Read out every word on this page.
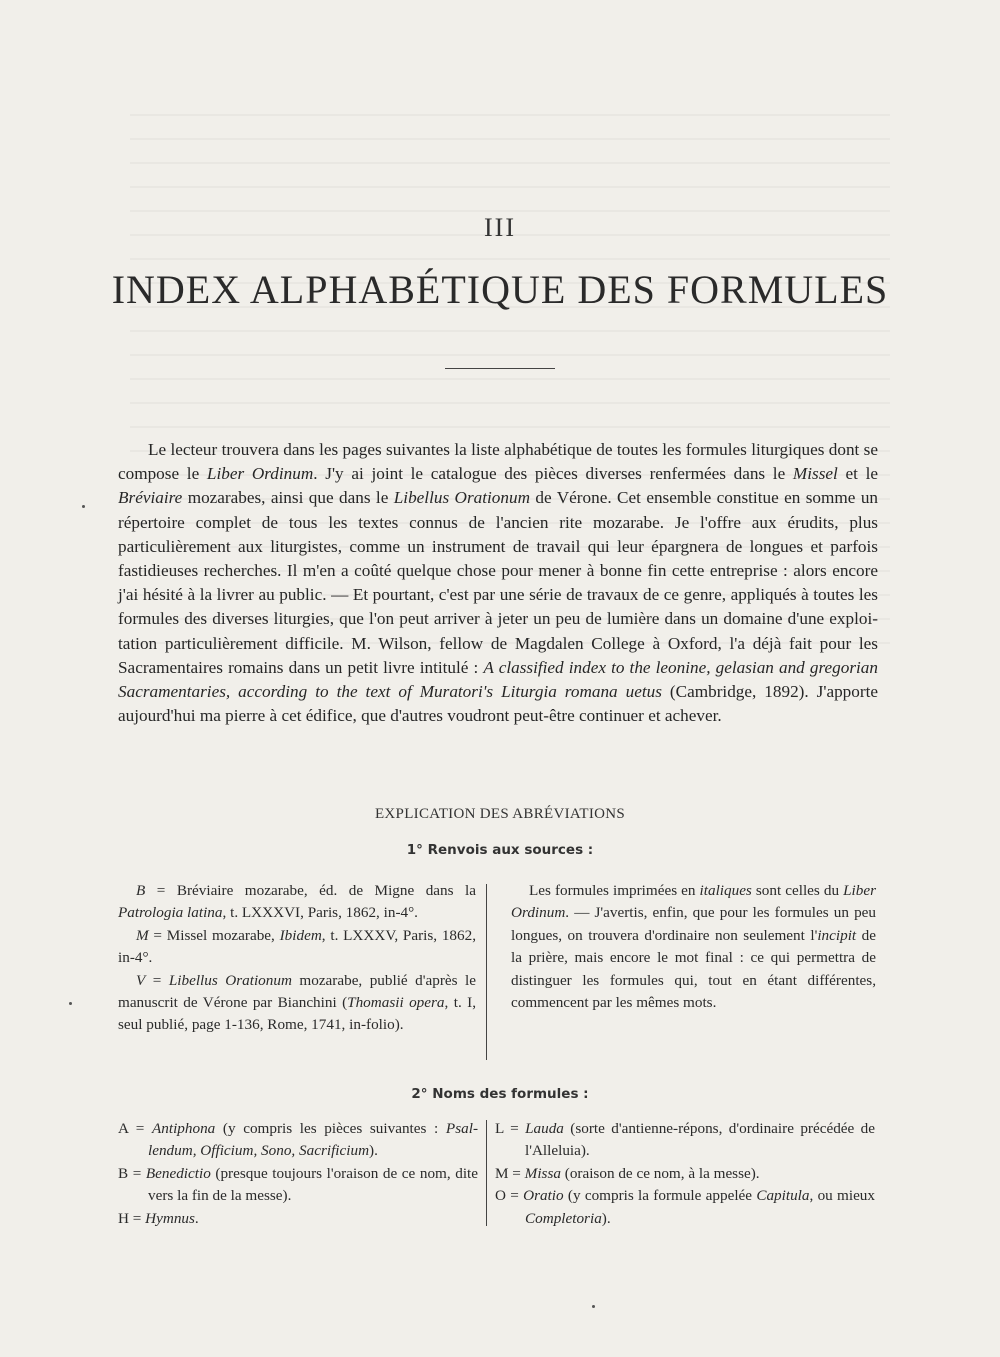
III
INDEX ALPHABÉTIQUE DES FORMULES

Le lecteur trouvera dans les pages suivantes la liste alphabétique de toutes les formules liturgiques dont se compose le Liber Ordinum. J'y ai joint le catalogue des pièces diverses renfermées dans le Missel et le Bréviaire mozarabes, ainsi que dans le Libellus Orationum de Vérone. Cet ensemble constitue en somme un répertoire complet de tous les textes connus de l'ancien rite mozarabe. Je l'offre aux érudits, plus particulièrement aux liturgistes, comme un instrument de travail qui leur épargnera de longues et parfois fastidieuses recherches. Il m'en a coûté quelque chose pour mener à bonne fin cette entreprise : alors encore j'ai hésité à la livrer au public. — Et pourtant, c'est par une série de travaux de ce genre, appliqués à toutes les formules des diverses liturgies, que l'on peut arriver à jeter un peu de lumière dans un domaine d'une exploitation particulièrement difficile. M. Wilson, fellow de Magdalen College à Oxford, l'a déjà fait pour les Sacramentaires romains dans un petit livre intitulé : A classified index to the leonine, gelasian and gregorian Sacramentaries, according to the text of Muratori's Liturgia romana uetus (Cambridge, 1892). J'apporte aujourd'hui ma pierre à cet édifice, que d'autres voudront peut-être continuer et achever.

EXPLICATION DES ABRÉVIATIONS
1° Renvois aux sources :

B = Bréviaire mozarabe, éd. de Migne dans la Patrologia latina, t. LXXXVI, Paris, 1862, in-4°.

M = Missel mozarabe, Ibidem, t. LXXXV, Paris, 1862, in-4°.

V = Libellus Orationum mozarabe, publié d'après le manuscrit de Vérone par Bianchini (Thomasii opera, t. I, seul publié, page 1-136, Rome, 1741, in-folio).

Les formules imprimées en italiques sont celles du Liber Ordinum. — J'avertis, enfin, que pour les formules un peu longues, on trouvera d'ordinaire non seulement l'incipit de la prière, mais encore le mot final : ce qui permettra de distinguer les formules qui, tout en étant différentes, commencent par les mêmes mots.

2° Noms des formules :

A = Antiphona (y compris les pièces suivantes : Psallendum, Officium, Sono, Sacrificium).

B = Benedictio (presque toujours l'oraison de ce nom, dite vers la fin de la messe).

H = Hymnus.

L = Lauda (sorte d'antienne-répons, d'ordinaire précédée de l'Alleluia).

M = Missa (oraison de ce nom, à la messe).

O = Oratio (y compris la formule appelée Capitula, ou mieux Completoria).
